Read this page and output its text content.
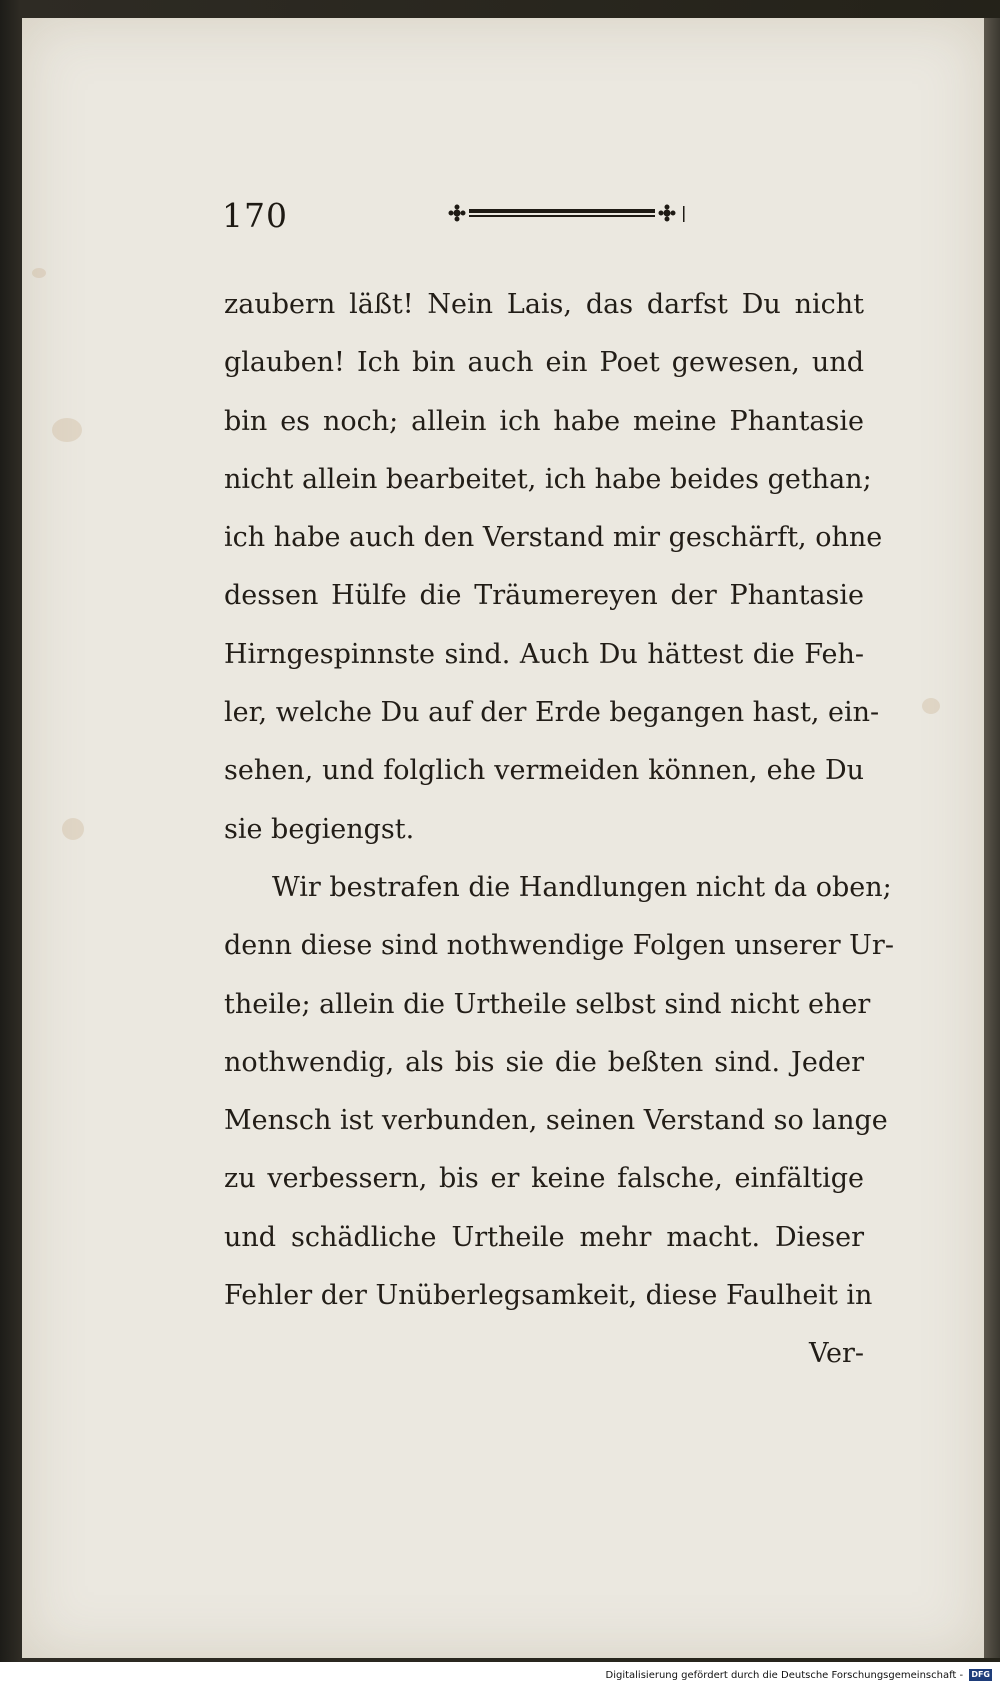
170
zaubern läßt! Nein Lais, das darfst Du nicht
glauben! Ich bin auch ein Poet gewesen, und
bin es noch; allein ich habe meine Phantasie
nicht allein bearbeitet, ich habe beides gethan;
ich habe auch den Verstand mir geschärft, ohne
dessen Hülfe die Träumereyen der Phantasie
Hirngespinnste sind. Auch Du hättest die Feh-
ler, welche Du auf der Erde begangen hast, ein-
sehen, und folglich vermeiden können, ehe Du
sie begiengst.
Wir bestrafen die Handlungen nicht da oben;
denn diese sind nothwendige Folgen unserer Ur-
theile; allein die Urtheile selbst sind nicht eher
nothwendig, als bis sie die beßten sind. Jeder
Mensch ist verbunden, seinen Verstand so lange
zu verbessern, bis er keine falsche, einfältige
und schädliche Urtheile mehr macht. Dieser
Fehler der Unüberlegsamkeit, diese Faulheit in
Ver-
Digitalisierung gefördert durch die Deutsche Forschungsgemeinschaft - DFG
